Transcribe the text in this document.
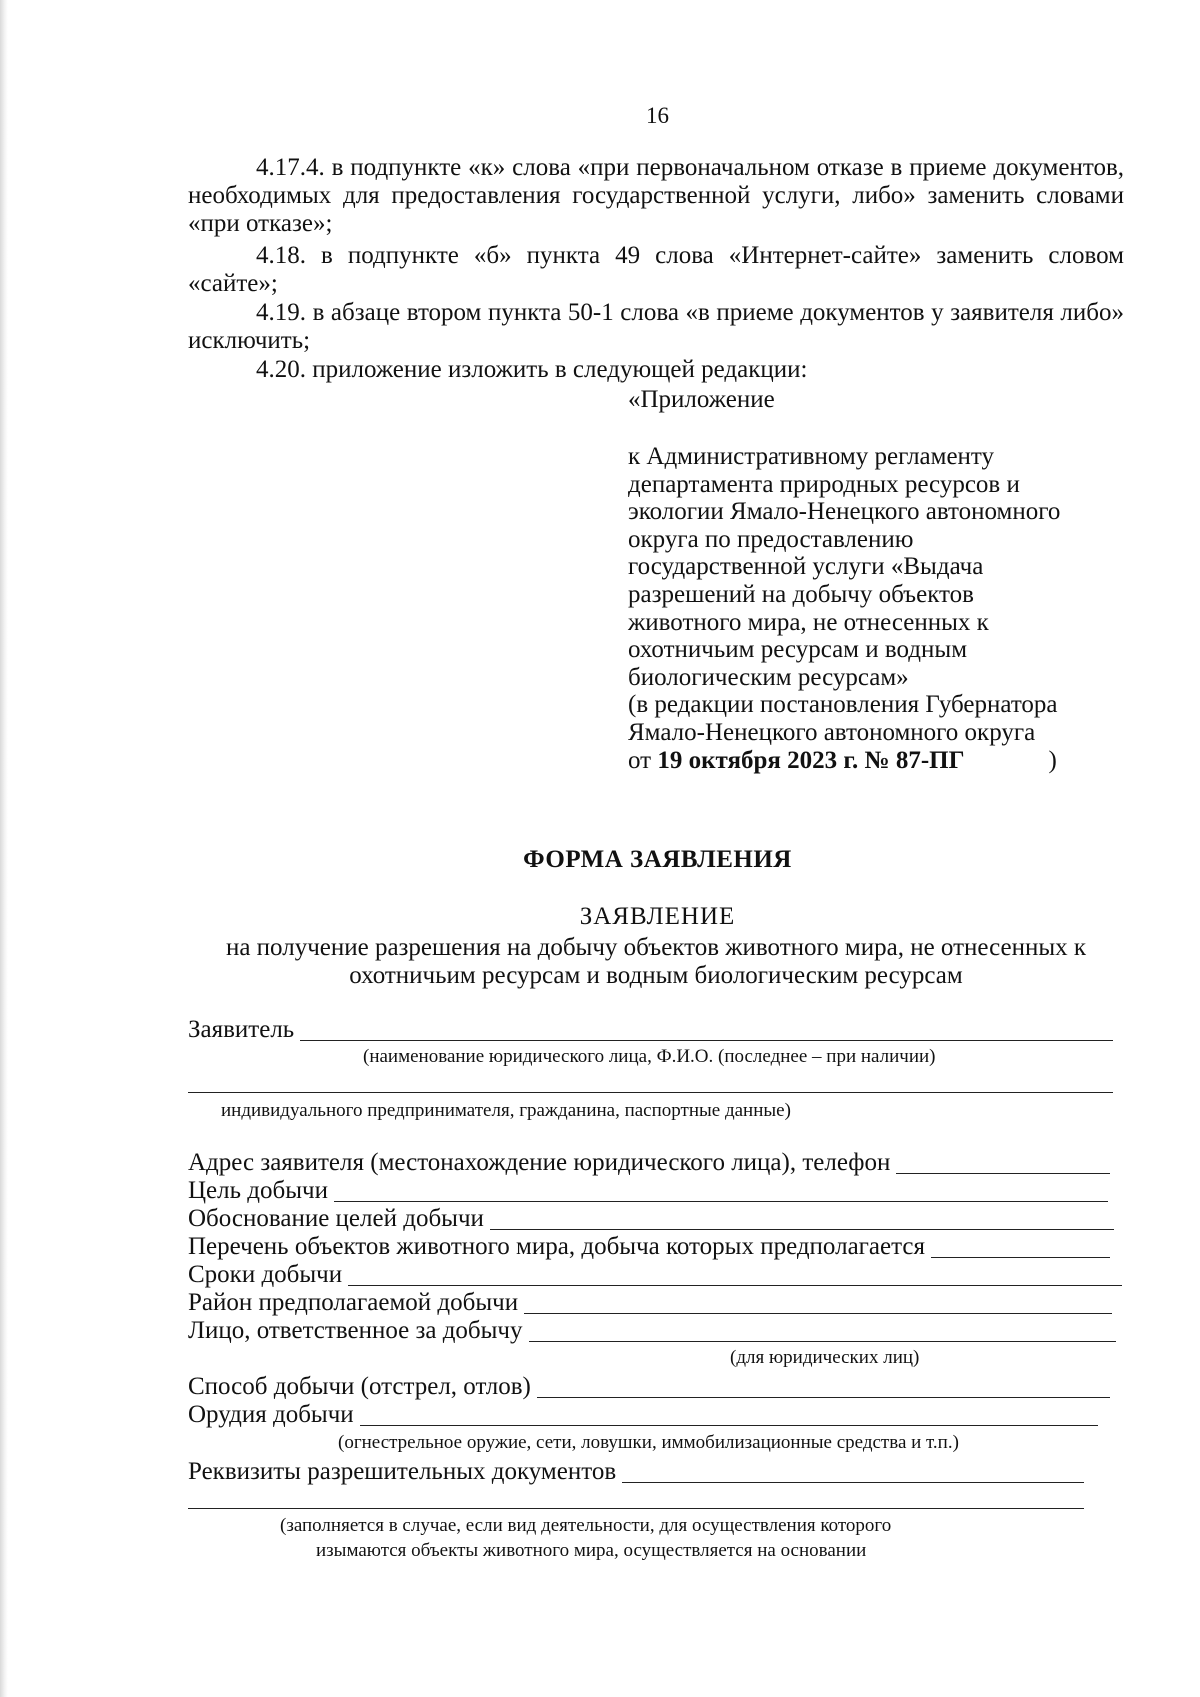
16

4.17.4. в подпункте «к» слова «при первоначальном отказе в приеме документов, необходимых для предоставления государственной услуги, либо» заменить словами «при отказе»;

4.18. в подпункте «б» пункта 49 слова «Интернет-сайте» заменить словом «сайте»;

4.19. в абзаце втором пункта 50-1 слова «в приеме документов у заявителя либо» исключить;

4.20. приложение изложить в следующей редакции:

«Приложение
к Административному регламенту
департамента природных ресурсов и
экологии Ямало-Ненецкого автономного
округа по предоставлению
государственной услуги «Выдача
разрешений на добычу объектов
животного мира, не отнесенных к
охотничьим ресурсам и водным
биологическим ресурсам»
(в редакции постановления Губернатора
Ямало-Ненецкого автономного округа
от 19 октября 2023 г. № 87-ПГ	)
ФОРМА ЗАЯВЛЕНИЯ
ЗАЯВЛЕНИЕ
на получение разрешения на добычу объектов животного мира, не отнесенных к охотничьим ресурсам и водным биологическим ресурсам
Заявитель
(наименование юридического лица, Ф.И.О. (последнее – при наличии)
индивидуального предпринимателя, гражданина, паспортные данные)
Адрес заявителя (местонахождение юридического лица), телефон
Цель добычи
Обоснование целей добычи
Перечень объектов животного мира, добыча которых предполагается
Сроки добычи
Район предполагаемой добычи
Лицо, ответственное за добычу
(для юридических лиц)
Способ добычи (отстрел, отлов)
Орудия добычи
(огнестрельное оружие, сети, ловушки, иммобилизационные средства и т.п.)
Реквизиты разрешительных документов
(заполняется в случае, если вид деятельности, для осуществления которого
изымаются объекты животного мира, осуществляется на основании
